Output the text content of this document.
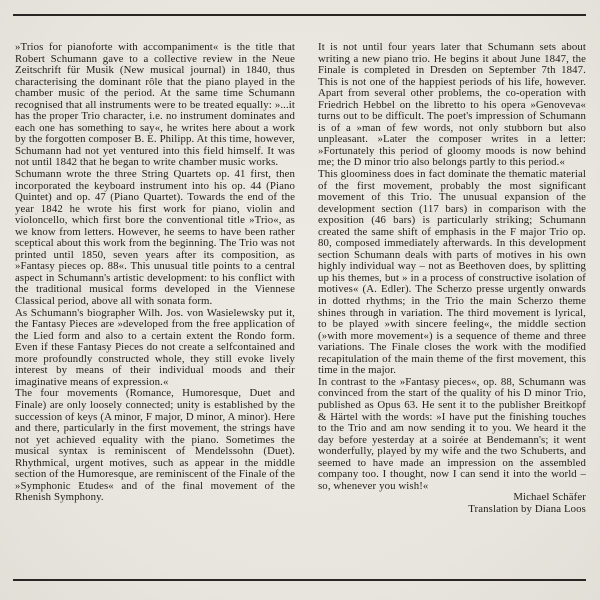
»Trios for pianoforte with accompaniment« is the title that Robert Schumann gave to a collective review in the Neue Zeitschrift für Musik (New musical journal) in 1840, thus characterising the dominant rôle that the piano played in the chamber music of the period. At the same time Schumann recognised that all instruments were to be treated equally: »...it has the proper Trio character, i.e. no instrument dominates and each one has something to say«, he writes here about a work by the forgotten composer B. E. Philipp. At this time, however, Schumann had not yet ventured into this field himself. It was not until 1842 that he began to write chamber music works.

Schumann wrote the three String Quartets op. 41 first, then incorporated the keyboard instrument into his op. 44 (Piano Quintet) and op. 47 (Piano Quartet). Towards the end of the year 1842 he wrote his first work for piano, violin and violoncello, which first bore the conventional title »Trio«, as we know from letters. However, he seems to have been rather sceptical about this work from the beginning. The Trio was not printed until 1850, seven years after its composition, as »Fantasy pieces op. 88«. This unusual title points to a central aspect in Schumann's artistic development: to his conflict with the traditional musical forms developed in the Viennese Classical period, above all with sonata form.

As Schumann's biographer Wilh. Jos. von Wasielewsky put it, the Fantasy Pieces are »developed from the free application of the Lied form and also to a certain extent the Rondo form. Even if these Fantasy Pieces do not create a selfcontained and more profoundly constructed whole, they still evoke lively interest by means of their individual moods and their imaginative means of expression.«

The four movements (Romance, Humoresque, Duet and Finale) are only loosely connected; unity is established by the succession of keys (A minor, F major, D minor, A minor). Here and there, particularly in the first movement, the strings have not yet achieved equality with the piano. Sometimes the musical syntax is reminiscent of Mendelssohn (Duet). Rhythmical, urgent motives, such as appear in the middle section of the Humoresque, are reminiscent of the Finale of the »Symphonic Etudes« and of the final movement of the Rhenish Symphony.

It is not until four years later that Schumann sets about writing a new piano trio. He begins it about June 1847, the Finale is completed in Dresden on September 7th 1847. This is not one of the happiest periods of his life, however. Apart from several other problems, the co-operation with Friedrich Hebbel on the libretto to his opera »Genoveva« turns out to be difficult. The poet's impression of Schumann is of a »man of few words, not only stubborn but also unpleasant. »Later the composer writes in a letter: »Fortunately this period of gloomy moods is now behind me; the D minor trio also belongs partly to this period.«

This gloominess does in fact dominate the thematic material of the first movement, probably the most significant movement of this Trio. The unusual expansion of the development section (117 bars) in comparison with the exposition (46 bars) is particularly striking; Schumann created the same shift of emphasis in the F major Trio op. 80, composed immediately afterwards. In this development section Schumann deals with parts of motives in his own highly individual way – not as Beethoven does, by splitting up his themes, but » in a process of constructive isolation of motives« (A. Edler). The Scherzo presse urgently onwards in dotted rhythms; in the Trio the main Scherzo theme shines through in variation. The third movement is lyrical, to be played »with sincere feeling«, the middle section (»with more movement«) is a sequence of theme and three variations. The Finale closes the work with the modified recapitulation of the main theme of the first movement, this time in the major.

In contrast to the »Fantasy pieces«, op. 88, Schumann was convinced from the start of the quality of his D minor Trio, published as Opus 63. He sent it to the publisher Breitkopf & Härtel with the words: »I have put the finishing touches to the Trio and am now sending it to you. We heard it the day before yesterday at a soirée at Bendemann's; it went wonderfully, played by my wife and the two Schuberts, and seemed to have made an impression on the assembled company too. I thought, now I can send it into the world – so, whenever you wish!«

Michael Schäfer
Translation by Diana Loos
